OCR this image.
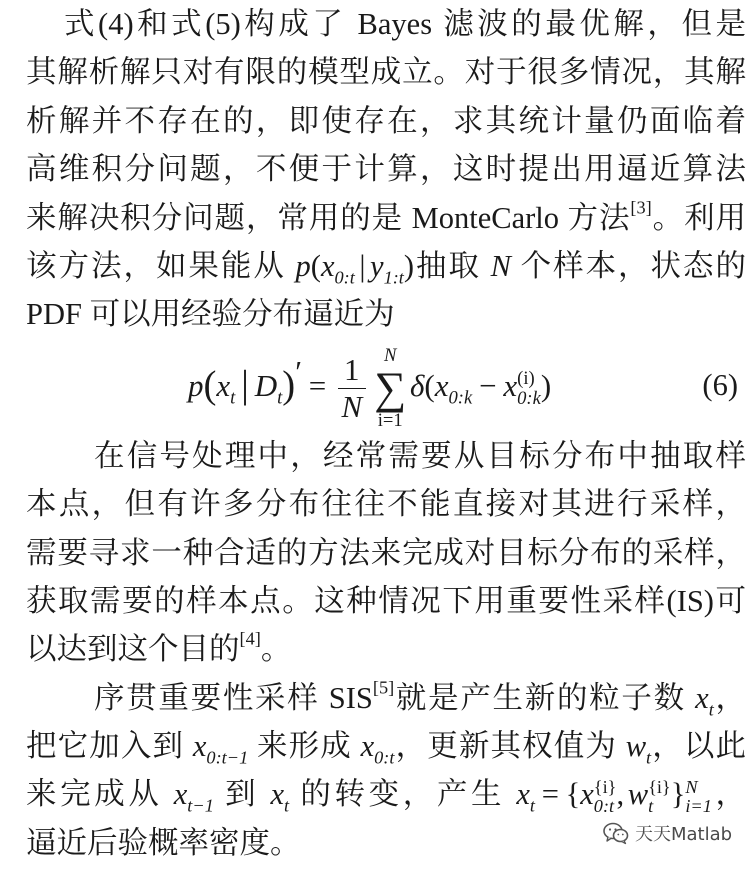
式(4)和式(5)构成了 Bayes 滤波的最优解，但是
其解析解只对有限的模型成立。对于很多情况，其解
析解并不存在的，即使存在，求其统计量仍面临着
高维积分问题，不便于计算，这时提出用逼近算法
来解决积分问题，常用的是 MonteCarlo 方法[3]。利用
该方法，如果能从 $p(x_{0:t}$ | $y_{1:t}$)抽取 N 个样本，状态的
PDF 可以用经验分布逼近为
$p(x_t$ | $D_t)' = \frac{1}{N}$ N
∑
i=1
$\delta(x_{0:k} - x$ (i)
0:k )	(6)
在信号处理中，经常需要从目标分布中抽取样
本点，但有许多分布往往不能直接对其进行采样，
需要寻求一种合适的方法来完成对目标分布的采样，
获取需要的样本点。这种情况下用重要性采样(IS)可
以达到这个目的[4]。
序贯重要性采样 SIS[5]就是产生新的粒子数 $x_t$，
把它加入到 $x_{0:t-1}$ 来形成 $x_{0:t}$，更新其权值为 $w_t$，以此
来完成从 $x_{t-1}$ 到 $x_t$ 的转变，产生 $x_t = \{x$ {i}
0:t , w {i}
t } N
i=1 ，
逼近后验概率密度。	天天Matlab
